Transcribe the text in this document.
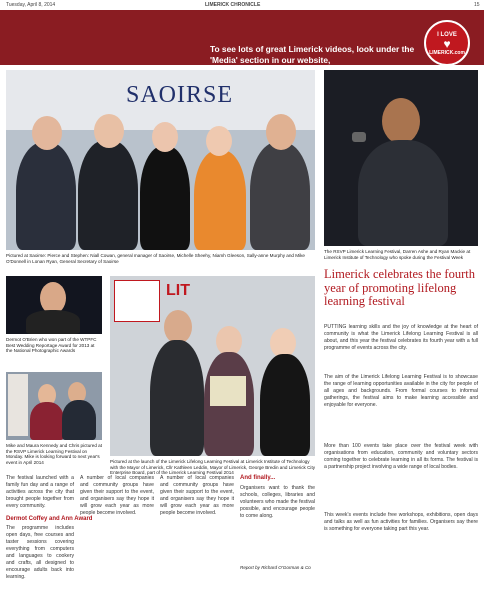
Tuesday, April 8, 2014	LIMERICK CHRONICLE	15
To see lots of great Limerick videos, look under the 'Media' section in our website,
I LOVE
♥
LIMERICK.com
SAOIRSE
Pictured at Saoirse: Pierce and Stephen: Niall Cowan, general manager of Saoirse, Michelle Sheehy, Niamh Gleeson, Sally-anne Murphy and Mike O'Donnell in Lonan Ryan, General Secretary of Saoirse
The RSVP Limerick Learning Festival, Darren Ashe and Ryan Mackie at Limerick Institute of Technology who spoke during the Festival Week
Limerick celebrates the fourth year of promoting lifelong learning festival
PUTTING learning skills and the joy of knowledge at the heart of community is what the Limerick Lifelong Learning Festival is all about, and this year the festival celebrates its fourth year with a full programme of events across the city.
The aim of the Limerick Lifelong Learning Festival is to showcase the range of learning opportunities available in the city for people of all ages and backgrounds. From formal courses to informal gatherings, the festival aims to make learning accessible and enjoyable for everyone.
More than 100 events take place over the festival week with organisations from education, community and voluntary sectors coming together to celebrate learning in all its forms. The festival is a partnership project involving a wide range of local bodies.
This week's events include free workshops, exhibitions, open days and talks as well as fun activities for families. Organisers say there is something for everyone taking part this year.
Dermot O'Brien who won part of the WTPFC Best Wedding Reportage Award for 2013 at the National Photographic Awards
Mike and Maura Kennedy and Chris pictured at the RSVP Limerick Learning Festival on Monday. Mike is looking forward to next year's event in April 2014
LIT
Pictured at the launch of the Limerick Lifelong Learning Festival at Limerick Institute of Technology with the Mayor of Limerick, Cllr Kathleen Leddin, Mayor of Limerick, George Bredin and Limerick City Enterprise Board, part of the Limerick Learning Festival 2014
The festival launched with a family fun day and a range of activities across the city that brought people together from every community.
Dermot Coffey and Ann Award
The programme includes open days, free courses and taster sessions covering everything from computers and languages to cookery and crafts, all designed to encourage adults back into learning.
A number of local companies and community groups have given their support to the event, and organisers say they hope it will grow each year as more people become involved.
A number of local companies and community groups have given their support to the event, and organisers say they hope it will grow each year as more people become involved.
And finally...
Organisers want to thank the schools, colleges, libraries and volunteers who made the festival possible, and encourage people to come along.
Report by Richard O'Gorman & Co
